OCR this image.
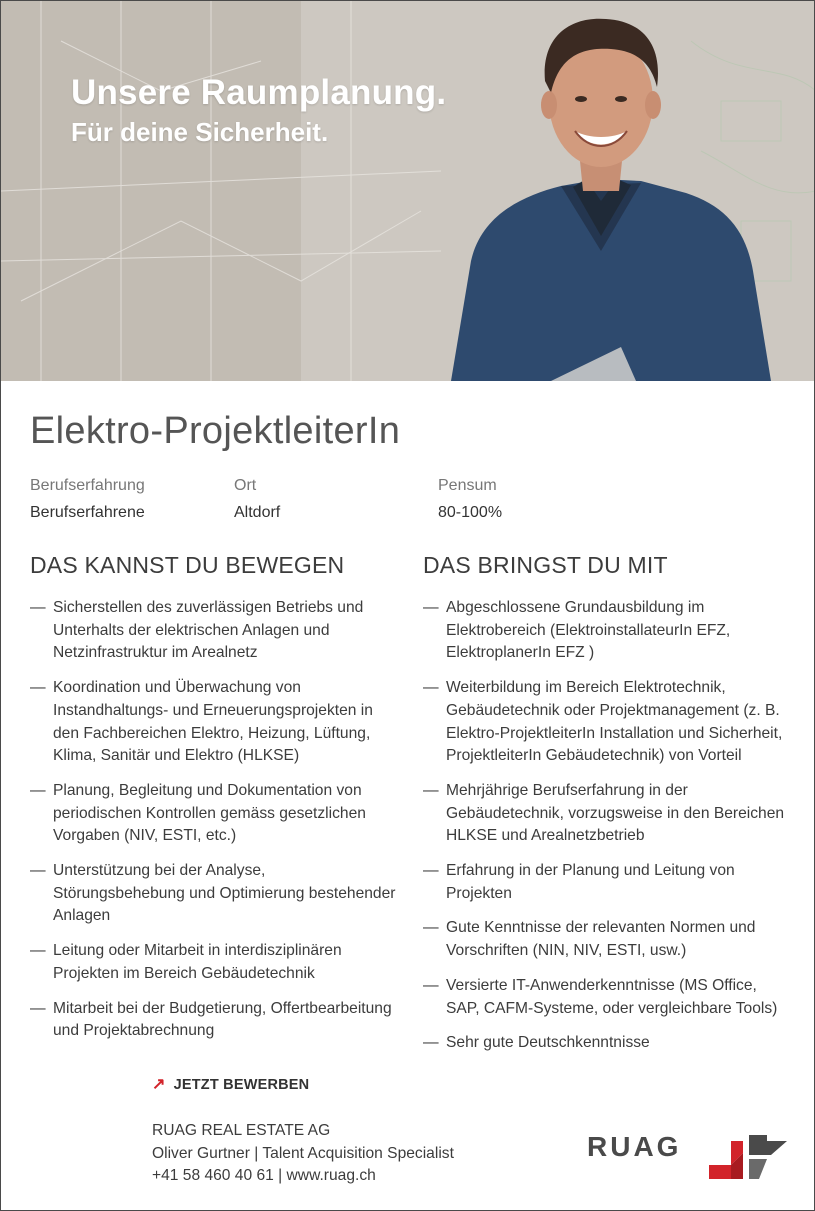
Unsere Raumplanung.
Für deine Sicherheit.
Elektro-ProjektleiterIn
Berufserfahrung
Berufserfahrene
Ort
Altdorf
Pensum
80-100%
DAS KANNST DU BEWEGEN
— Sicherstellen des zuverlässigen Betriebs und Unterhalts der elektrischen Anlagen und Netzinfrastruktur im Arealnetz
— Koordination und Überwachung von Instandhaltungs- und Erneuerungsprojekten in den Fachbereichen Elektro, Heizung, Lüftung, Klima, Sanitär und Elektro (HLKSE)
— Planung, Begleitung und Dokumentation von periodischen Kontrollen gemäss gesetzlichen Vorgaben (NIV, ESTI, etc.)
— Unterstützung bei der Analyse, Störungsbehebung und Optimierung bestehender Anlagen
— Leitung oder Mitarbeit in interdisziplinären Projekten im Bereich Gebäudetechnik
— Mitarbeit bei der Budgetierung, Offertbearbeitung und Projektabrechnung
DAS BRINGST DU MIT
— Abgeschlossene Grundausbildung im Elektrobereich (ElektroinstallateurIn EFZ, ElektroplanerIn EFZ )
— Weiterbildung im Bereich Elektrotechnik, Gebäudetechnik oder Projektmanagement (z. B. Elektro-ProjektleiterIn Installation und Sicherheit, ProjektleiterIn Gebäudetechnik) von Vorteil
— Mehrjährige Berufserfahrung in der Gebäudetechnik, vorzugsweise in den Bereichen HLKSE und Arealnetzbetrieb
— Erfahrung in der Planung und Leitung von Projekten
— Gute Kenntnisse der relevanten Normen und Vorschriften (NIN, NIV, ESTI, usw.)
— Versierte IT-Anwenderkenntnisse (MS Office, SAP, CAFM-Systeme, oder vergleichbare Tools)
— Sehr gute Deutschkenntnisse
↗ JETZT BEWERBEN
RUAG REAL ESTATE AG
Oliver Gurtner | Talent Acquisition Specialist
+41 58 460 40 61 | www.ruag.ch
RUAG
